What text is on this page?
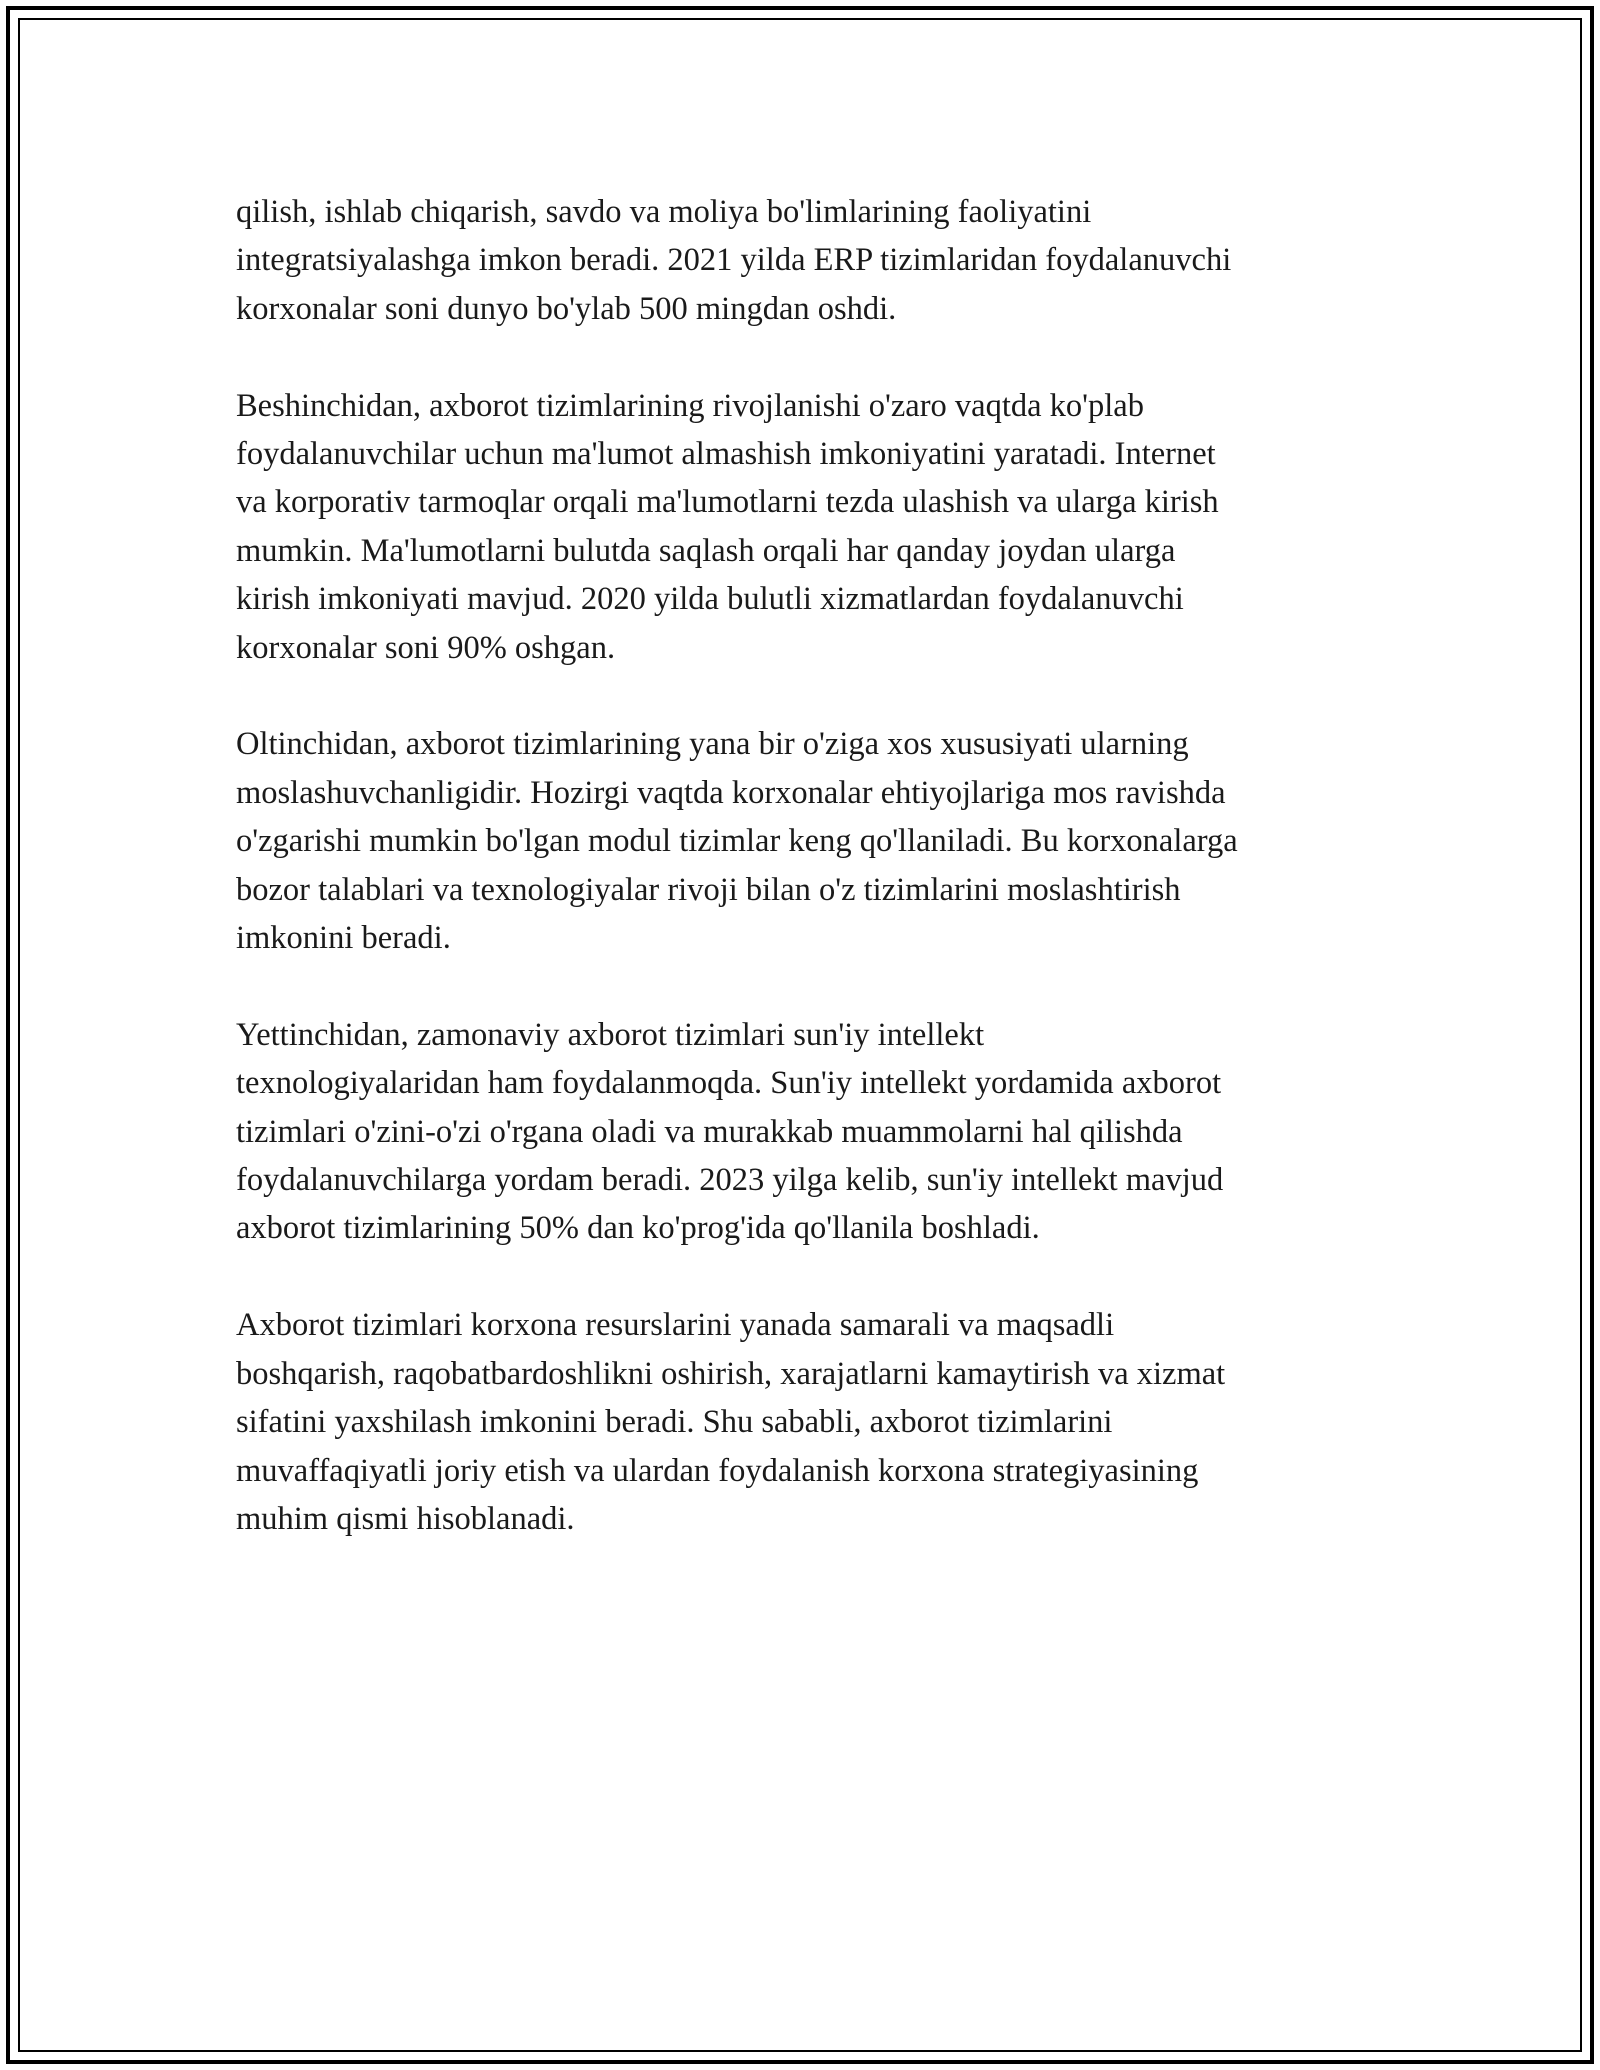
qilish, ishlab chiqarish, savdo va moliya bo'limlarining faoliyatini
integratsiyalashga imkon beradi. 2021 yilda ERP tizimlaridan foydalanuvchi
korxonalar soni dunyo bo'ylab 500 mingdan oshdi.

Beshinchidan, axborot tizimlarining rivojlanishi o'zaro vaqtda ko'plab
foydalanuvchilar uchun ma'lumot almashish imkoniyatini yaratadi. Internet
va korporativ tarmoqlar orqali ma'lumotlarni tezda ulashish va ularga kirish
mumkin. Ma'lumotlarni bulutda saqlash orqali har qanday joydan ularga
kirish imkoniyati mavjud. 2020 yilda bulutli xizmatlardan foydalanuvchi
korxonalar soni 90% oshgan.

Oltinchidan, axborot tizimlarining yana bir o'ziga xos xususiyati ularning
moslashuvchanligidir. Hozirgi vaqtda korxonalar ehtiyojlariga mos ravishda
o'zgarishi mumkin bo'lgan modul tizimlar keng qo'llaniladi. Bu korxonalarga
bozor talablari va texnologiyalar rivoji bilan o'z tizimlarini moslashtirish
imkonini beradi.

Yettinchidan, zamonaviy axborot tizimlari sun'iy intellekt
texnologiyalaridan ham foydalanmoqda. Sun'iy intellekt yordamida axborot
tizimlari o'zini-o'zi o'rgana oladi va murakkab muammolarni hal qilishda
foydalanuvchilarga yordam beradi. 2023 yilga kelib, sun'iy intellekt mavjud
axborot tizimlarining 50% dan ko'prog'ida qo'llanila boshladi.

Axborot tizimlari korxona resurslarini yanada samarali va maqsadli
boshqarish, raqobatbardoshlikni oshirish, xarajatlarni kamaytirish va xizmat
sifatini yaxshilash imkonini beradi. Shu sababli, axborot tizimlarini
muvaffaqiyatli joriy etish va ulardan foydalanish korxona strategiyasining
muhim qismi hisoblanadi.
